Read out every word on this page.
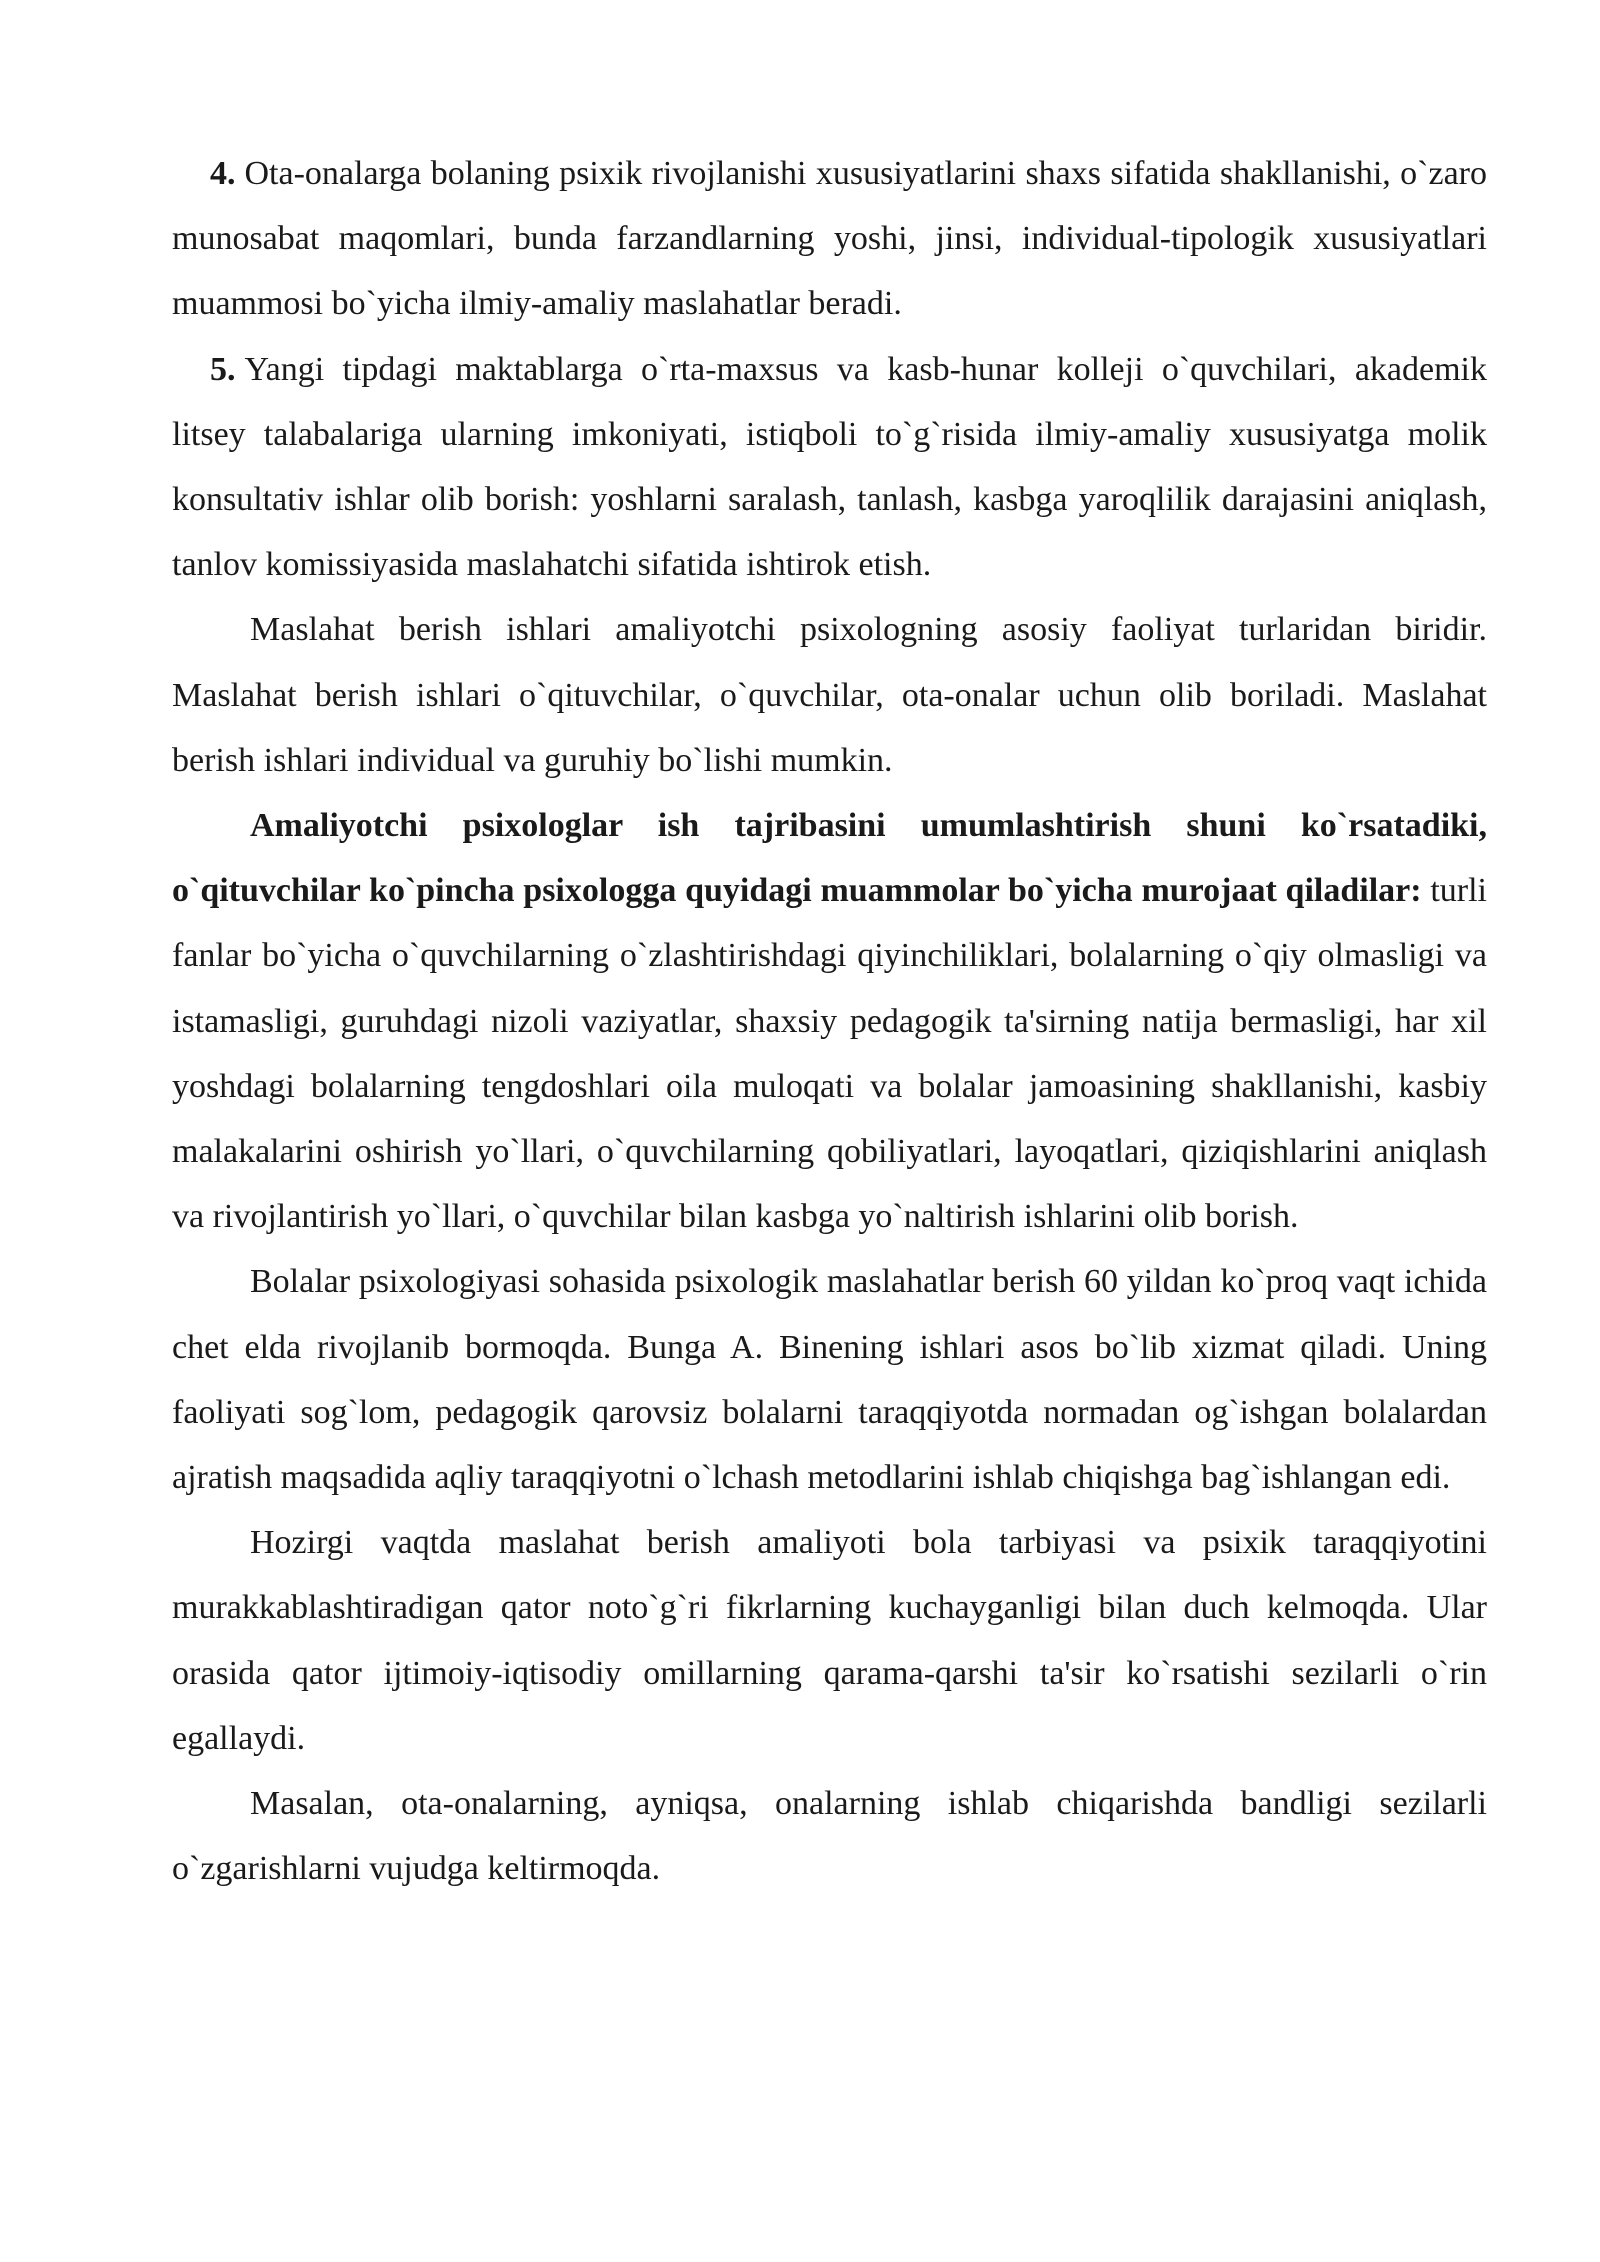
4. Ota-onalarga bolaning psixik rivojlanishi xususiyatlarini shaxs sifatida shakllanishi, o`zaro munosabat maqomlari, bunda farzandlarning yoshi, jinsi, individual-tipologik xususiyatlari muammosi bo`yicha ilmiy-amaliy maslahatlar beradi.

5. Yangi tipdagi maktablarga o`rta-maxsus va kasb-hunar kolleji o`quvchilari, akademik litsey talabalariga ularning imkoniyati, istiqboli to`g`risida ilmiy-amaliy xususiyatga molik konsultativ ishlar olib borish: yoshlarni saralash, tanlash, kasbga yaroqlilik darajasini aniqlash, tanlov komissiyasida maslahatchi sifatida ishtirok etish.

Maslahat berish ishlari amaliyotchi psixologning asosiy faoliyat turlaridan biridir. Maslahat berish ishlari o`qituvchilar, o`quvchilar, ota-onalar uchun olib boriladi. Maslahat berish ishlari individual va guruhiy bo`lishi mumkin.

Amaliyotchi psixologlar ish tajribasini umumlashtirish shuni ko`rsatadiki, o`qituvchilar ko`pincha psixologga quyidagi muammolar bo`yicha murojaat qiladilar: turli fanlar bo`yicha o`quvchilarning o`zlashtirishdagi qiyinchiliklari, bolalarning o`qiy olmasligi va istamasligi, guruhdagi nizoli vaziyatlar, shaxsiy pedagogik ta'sirning natija bermasligi, har xil yoshdagi bolalarning tengdoshlari oila muloqati va bolalar jamoasining shakllanishi, kasbiy malakalarini oshirish yo`llari, o`quvchilarning qobiliyatlari, layoqatlari, qiziqishlarini aniqlash va rivojlantirish yo`llari, o`quvchilar bilan kasbga yo`naltirish ishlarini olib borish.

Bolalar psixologiyasi sohasida psixologik maslahatlar berish 60 yildan ko`proq vaqt ichida chet elda rivojlanib bormoqda. Bunga A. Binening ishlari asos bo`lib xizmat qiladi. Uning faoliyati sog`lom, pedagogik qarovsiz bolalarni taraqqiyotda normadan og`ishgan bolalardan ajratish maqsadida aqliy taraqqiyotni o`lchash metodlarini ishlab chiqishga bag`ishlangan edi.

Hozirgi vaqtda maslahat berish amaliyoti bola tarbiyasi va psixik taraqqiyotini murakkablashtiradigan qator noto`g`ri fikrlarning kuchayganligi bilan duch kelmoqda. Ular orasida qator ijtimoiy-iqtisodiy omillarning qarama-qarshi ta'sir ko`rsatishi sezilarli o`rin egallaydi.

Masalan, ota-onalarning, ayniqsa, onalarning ishlab chiqarishda bandligi sezilarli o`zgarishlarni vujudga keltirmoqda.
